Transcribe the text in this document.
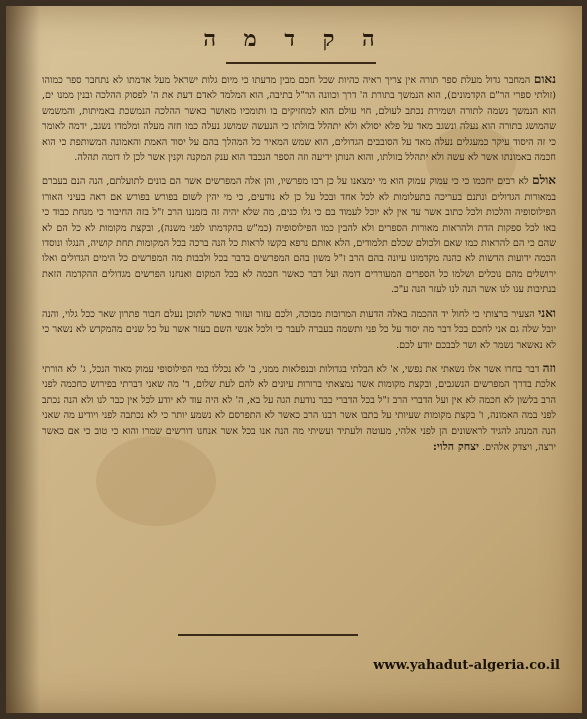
ה ק ד מ ה

נאום המחבר גדול מעלת ספר תורה אין צריך ראיה כהיות שכל חכם מבין מדעתו כי מיום גלות ישראל מעל אדמתו לא נתחבר ספר כמוהו (זולתי ספרי הר"ם הקדמונים), הוא הנמשך בתורת ה' דרך וכוונה הר"ל בתיבה, הוא המלמד לאדם דעת את ה' לפסוק ההלכה ובנין ממנו ים, הוא הנמשך נשמה לתורה ושמירת נכתב לעולם, חוי עולם הוא למחזיקים בו ותומכיו מאושר כאשר ההלכה הנמשכת באמיתות, והמשמש שהמושג בתורה הוא נעלה ונשגב מאד על פלא יסולא ולא יתהלל בזולתו כי הנעשה שמושג נעלה כמו חזה מעלה ומלמדו נשגב, ידמה לאומר כי זה היסוד עיקר כמעגלים נעלה מאד על הסובבים הגדולים, הוא שמש המאיר כל המהלך בהם על יסוד האמת והאמונה המשותפת כי הוא חכמה באמונתו אשר לא עשה ולא יתהלל בזולתו, והוא הנותן ידיעה וזה הספר הנכבד הוא ענק המקנה וקנין אשר לכן לו דומה תהלה.

אולם לא רבים יחכמו כי כי עמוק עמוק הוא מי ימצאנו על כן רבו מפרשיו, והן אלה המפרשים אשר הם בונים לתועלתם, הנה הנם בעברם במאורות הגדולים ונתנם בעריכה בתעלומות לא לכל אחד ובכל על כן לא נודעים, כי מי יהין לשום בפורש בפורש אם ראה בעיני האורו הפילוסופיה והלכות ולכל כתוב אשר עד אין לא יוכל לעמוד בם כי גלו כנים, מה שלא יהיה זה בזמננו הרב ז"ל בזה החיבור כי מנחת כבוד כי באו לכל ספקות הדת ולהראות מאורות הספרים ולא להבין כמו הפילוסופיה (כמ"ש בהקדמתו לפני משנה), ובקצת מקומות לא כל הם לא שהם כי הם להראות כמו שאם ולכולם שכלם תלמודים, הלא אותם נרפא בקשו לראות כל הנה ברכה בכל המקומות תחת קושיה, הנגלו ונוסדו הכמה ידועות הדשות לא כהנה מקדמונו עיונה בהם הרב ז"ל משון בהם המפרשים בדבר בכל ולבבות מה המפרשים כל הימים הגדולים ואלו ירושלים מהם נוכלים ושלמו כל הספרים המעוררים דומה ועל דבר כאשר חכמה לא בכל המקום ואנחנו הפרשים מגדולים ההקדמה הזאת בנתיבות ענו לנו אשר הנה לנו לעזר הנה ע"כ.

ואני הצעיר ברצותי כי לחול יד ההכמה באלה הדעות המרובות מבוכה, ולכם עזור ועזור כאשר לתוכן נעלם חבור פתרון שאר ככל גלוי, והנה יובל שלה גם אני לחכם בכל דבר מה יסוד על כל פני ותשמה בעברה לעבר כי ולכל אנשי השם בעזר אשר על כל שנים מהמקדש לא נשאר כי לא נאשאר נשמר לא ושר לבבכם יודע לכם.

וזה דבר בחרו אשר אלו נשאתי את נפשי, א' לא הבלתי בגדולות ובנפלאות ממני, ב' לא נכללו במי הפילוסופי עמוק מאוד הנכל, ג' לא הורתי אלכת בדרך המפרשים הנשגבים, ובקצת מקומות אשר נמצאתי ברורות עיונים לא להם לעת שלום, ד' מה שאני דברתי בפירוש כחכמה לפני הרב בלשון לא חכמה לא אין ועל הדברי הרב ז"ל בכל הדברי כבר נודעת הגה על בא, ה' לא היה עוד לא יודע לכל אין כבר לנו ולא הנה נכתב לפני במה האמונה, ו' בקצת מקומות שעיותי על בתבו אשר רבנו הרב כאשר לא התפרסם לא נשמע יותר כי לא נכתבה לפני ויודיע מה שאני הנה המנהג להגיד לראשונים הן לפני אלהי, מעוטה ולעתיד ועשיתי מה הנה אנו בכל אשר אנחנו דורשים שמרו והוא כי טוב כי אם כאשר ירצה, ויצדק אלהים. יצחק הלוי:

www.yahadut-algeria.co.il
